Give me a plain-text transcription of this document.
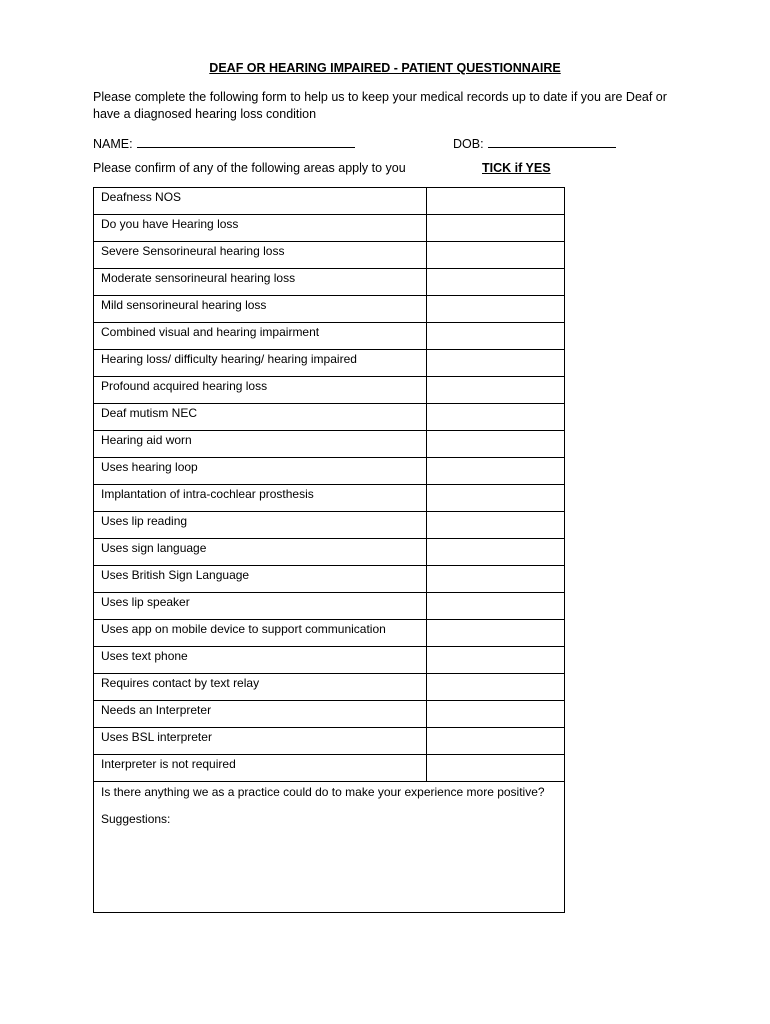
DEAF OR HEARING IMPAIRED - PATIENT QUESTIONNAIRE
Please complete the following form to help us to keep your medical records up to date if you are Deaf or have a diagnosed hearing loss condition
NAME:	DOB:
Please confirm of any of the following areas apply to you	TICK if YES
Deafness NOS	
Do you have Hearing loss	
Severe Sensorineural hearing loss	
Moderate sensorineural hearing loss	
Mild sensorineural hearing loss	
Combined visual and hearing impairment	
Hearing loss/ difficulty hearing/ hearing impaired	
Profound acquired hearing loss	
Deaf mutism NEC	
Hearing aid worn	
Uses hearing loop	
Implantation of intra-cochlear prosthesis	
Uses lip reading	
Uses sign language	
Uses British Sign Language	
Uses lip speaker	
Uses app on mobile device to support communication	
Uses text phone	
Requires contact by text relay	
Needs an Interpreter	
Uses BSL interpreter	
Interpreter is not required	
Is there anything we as a practice could do to make your experience more positive?
Suggestions:	
